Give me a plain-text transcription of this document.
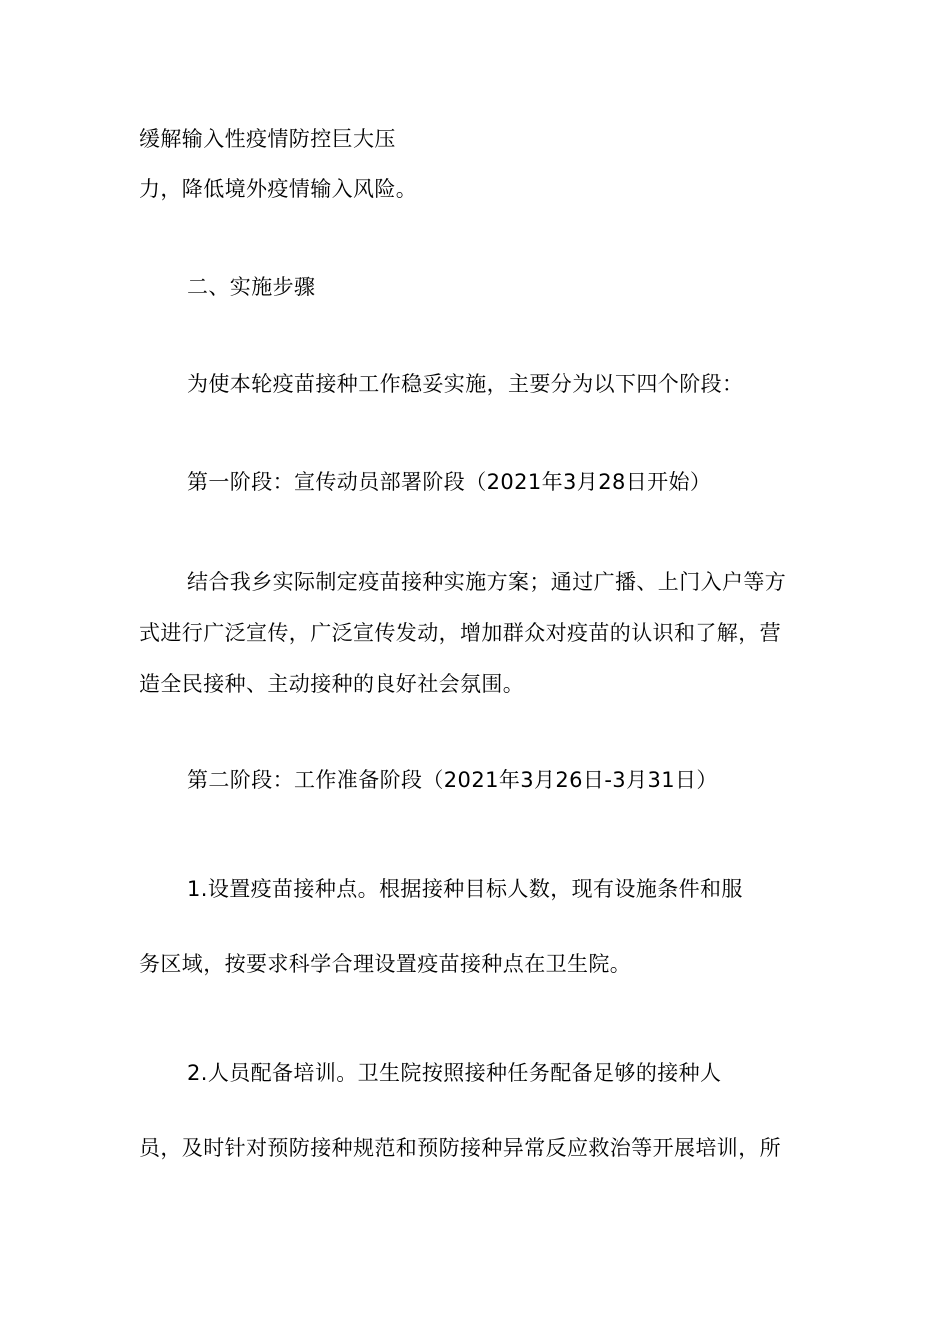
缓解输入性疫情防控巨大压
力，降低境外疫情输入风险。
二、实施步骤
为使本轮疫苗接种工作稳妥实施，主要分为以下四个阶段：
第一阶段：宣传动员部署阶段（2021年3月28日开始）
结合我乡实际制定疫苗接种实施方案；通过广播、上门入户等方
式进行广泛宣传，广泛宣传发动，增加群众对疫苗的认识和了解，营
造全民接种、主动接种的良好社会氛围。
第二阶段：工作准备阶段（2021年3月26日-3月31日）
1.设置疫苗接种点。根据接种目标人数，现有设施条件和服
务区域，按要求科学合理设置疫苗接种点在卫生院。
2.人员配备培训。卫生院按照接种任务配备足够的接种人
员，及时针对预防接种规范和预防接种异常反应救治等开展培训，所
